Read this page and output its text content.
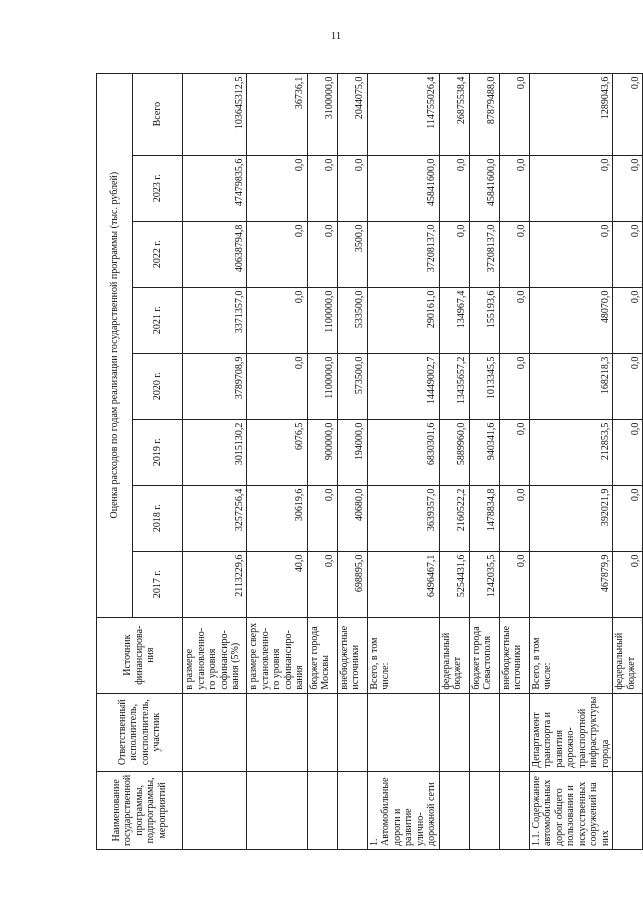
11
Наименование государственной программы, подпрограммы, мероприятий	Ответственный исполнитель, соисполнитель, участник	Источник финансирова-ния	Оценка расходов по годам реализации государственной программы (тыс. рублей)							
			2017 г.	2018 г.	2019 г.	2020 г.	2021 г.	2022 г.	2023 г.	Всего
		в размере установленно-го уровня софинансиро-вания (5%)	2113229,6	3257256,4	3015130,2	3789708,9	3371357,0	40638794,8	47479835,6	103645312,5
		в размере сверх установленно-го уровня софинансиро-вания	40,0	30619,6	6076,5	0,0	0,0	0,0	0,0	36736,1
		бюджет города Москвы	0,0	0,0	900000,0	1100000,0	1100000,0	0,0	0,0	3100000,0
		внебюджетные источники	698895,0	40680,0	194000,0	573500,0	533500,0	3500,0	0,0	2044075,0
1. Автомобильные дороги и развитие улично-дорожной сети		Всего, в том числе:	6496467,1	3639357,0	6830301,6	14449002,7	290161,0	37208137,0	45841600,0	114755026,4
		федеральный бюджет	5254431,6	2160522,2	5889960,0	13435657,2	134967,4	0,0	0,0	26875538,4
		бюджет города Севастополя	1242035,5	1478834,8	940341,6	1013345,5	155193,6	37208137,0	45841600,0	87879488,0
		внебюджетные источники	0,0	0,0	0,0	0,0	0,0	0,0	0,0	0,0
1.1. Содержание автомобильных дорог общего пользования и искусственных сооружений на них	Департамент транспорта и развития дорожно-транспортной инфраструктуры города	Всего, в том числе:	467879,9	392021,9	212853,5	168218,3	48070,0	0,0	0,0	1289043,6
		федеральный бюджет	0,0	0,0	0,0	0,0	0,0	0,0	0,0	0,0
